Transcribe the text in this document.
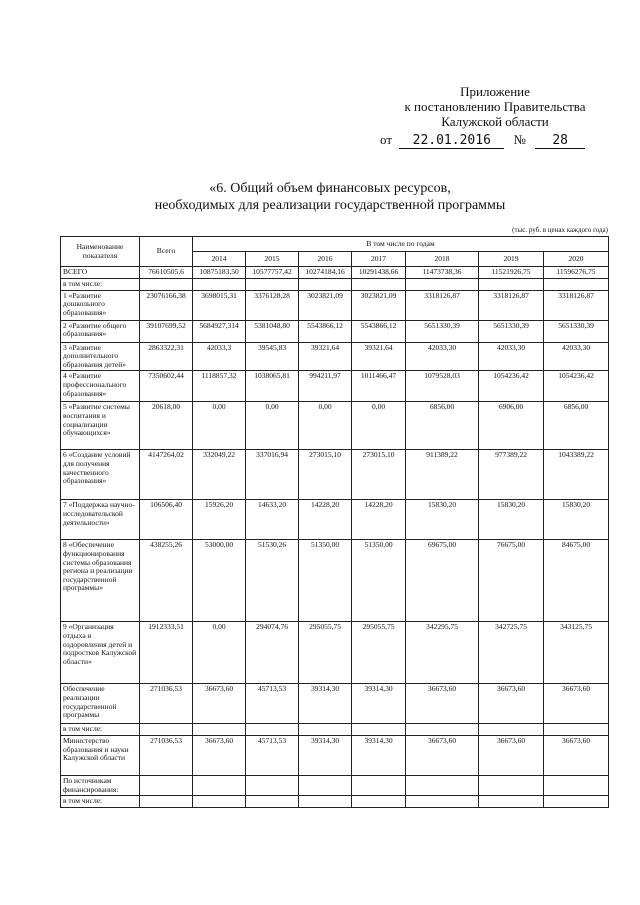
Приложение
к постановлению Правительства
Калужской области
от 22.01.2016 № 28
«6. Общий объем финансовых ресурсов,
необходимых для реализации государственной программы
(тыс. руб. в ценах каждого года)
Наименование показателя	Всего	В том числе по годам						
		2014	2015	2016	2017	2018	2019	2020
ВСЕГО	76610505,6	10875183,50	10577757,42	10274184,16	10291438,66	11473738,36	11521926,75	11596276,75
в том числе:								
1 «Развитие дошкольного образования»	23076166,38	3698015,31	3376128,28	3023821,09	3023821,09	3318126,87	3318126,87	3318126,87
2 «Развитие общего образования»	39107699,52	5684927,314	5381048,80	5543866,12	5543866,12	5651330,39	5651330,39	5651330,39
3 «Развитие дополнительного образования детей»	2863322,31	42033,3	39545,83	39321,64	39321,64	42033,30	42033,30	42033,30
4 «Развитие профессионального образования»	7350602,44	1118857,32	1038065,81	994211,97	1011466,47	1079528,03	1054236,42	1054236,42
5 «Развитие системы воспитания и социализации обучающихся»	20618,00	0,00	0,00	0,00	0,00	6856,00	6906,00	6856,00
6 «Создание условий для получения качественного образования»	4147264,02	332049,22	337016,94	273015,10	273015,10	911389,22	977389,22	1043389,22
7 «Поддержка научно-исследовательской деятельности»	106506,40	15926,20	14633,20	14228,20	14228,20	15830,20	15830,20	15830,20
8 «Обеспечение функционирования системы образования региона и реализации государственной программы»	438255,26	53000,00	51530,26	51350,00	51350,00	69675,00	76675,00	84675,00
9 «Организация отдыха и оздоровления детей и подростков Калужской области»	1912333,51	0,00	294074,76	295055,75	295055,75	342295,75	342725,75	343125,75
Обеспечение реализации государственной программы	271036,53	36673,60	45713,53	39314,30	39314,30	36673,60	36673,60	36673,60
в том числе:								
Министерство образования и науки Калужской области	271036,53	36673,60	45713,53	39314,30	39314,30	36673,60	36673,60	36673,60
По источникам финансирования:								
в том числе:								
